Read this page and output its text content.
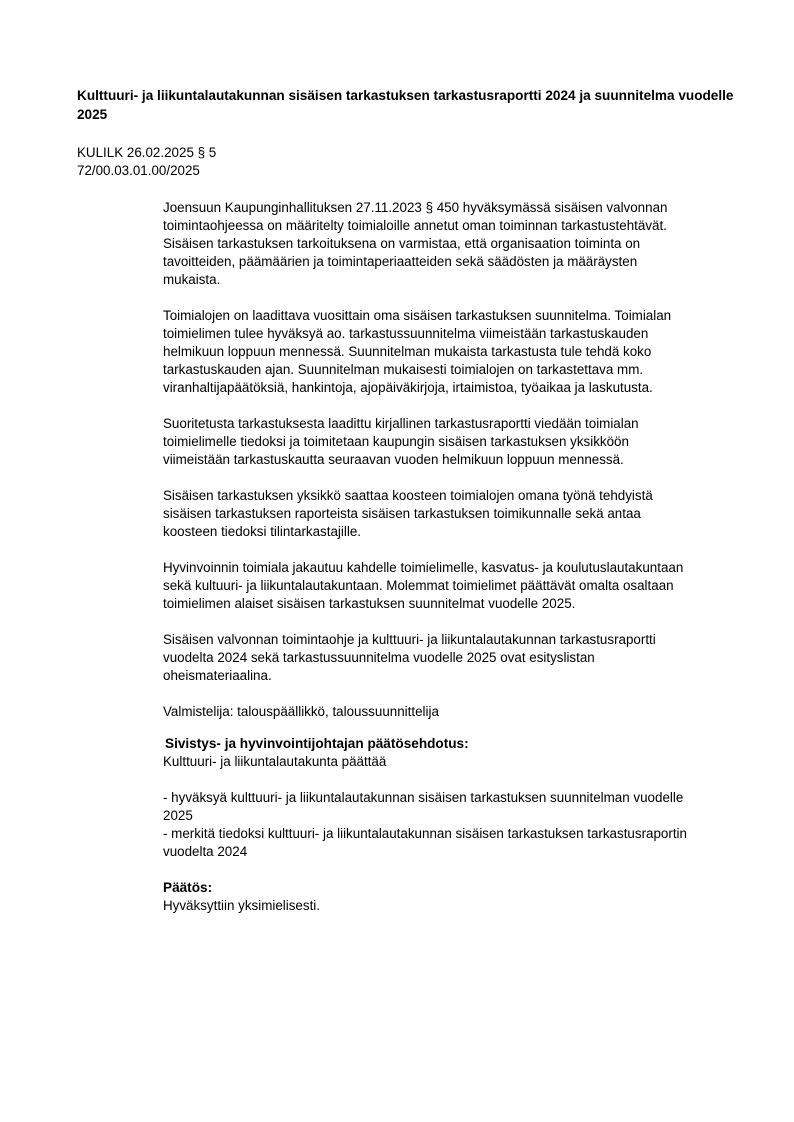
Kulttuuri- ja liikuntalautakunnan sisäisen tarkastuksen tarkastusraportti 2024 ja suunnitelma vuodelle 2025
KULILK 26.02.2025 § 5
72/00.03.01.00/2025

Joensuun Kaupunginhallituksen 27.11.2023 § 450 hyväksymässä sisäisen valvonnan
toimintaohjeessa on määritelty toimialoille annetut oman toiminnan tarkastustehtävät.
Sisäisen tarkastuksen tarkoituksena on varmistaa, että organisaation toiminta on
tavoitteiden, päämäärien ja toimintaperiaatteiden sekä säädösten ja määräysten
mukaista.

Toimialojen on laadittava vuosittain oma sisäisen tarkastuksen suunnitelma. Toimialan
toimielimen tulee hyväksyä ao. tarkastussuunnitelma viimeistään tarkastuskauden
helmikuun loppuun mennessä. Suunnitelman mukaista tarkastusta tule tehdä koko
tarkastuskauden ajan. Suunnitelman mukaisesti toimialojen on tarkastettava mm.
viranhaltijapäätöksiä, hankintoja, ajopäiväkirjoja, irtaimistoa, työaikaa ja laskutusta.

Suoritetusta tarkastuksesta laadittu kirjallinen tarkastusraportti viedään toimialan
toimielimelle tiedoksi ja toimitetaan kaupungin sisäisen tarkastuksen yksikköön
viimeistään tarkastuskautta seuraavan vuoden helmikuun loppuun mennessä.

Sisäisen tarkastuksen yksikkö saattaa koosteen toimialojen omana työnä tehdyistä
sisäisen tarkastuksen raporteista sisäisen tarkastuksen toimikunnalle sekä antaa
koosteen tiedoksi tilintarkastajille.

Hyvinvoinnin toimiala jakautuu kahdelle toimielimelle, kasvatus- ja koulutuslautakuntaan
sekä kultuuri- ja liikuntalautakuntaan. Molemmat toimielimet päättävät omalta osaltaan
toimielimen alaiset sisäisen tarkastuksen suunnitelmat vuodelle 2025.

Sisäisen valvonnan toimintaohje ja kulttuuri- ja liikuntalautakunnan tarkastusraportti
vuodelta 2024 sekä tarkastussuunnitelma vuodelle 2025 ovat esityslistan
oheismateriaalina.

Valmistelija: talouspäällikkö, taloussuunnittelija

Sivistys- ja hyvinvointijohtajan päätösehdotus:
Kulttuuri- ja liikuntalautakunta päättää
- hyväksyä kulttuuri- ja liikuntalautakunnan sisäisen tarkastuksen suunnitelman vuodelle
2025
- merkitä tiedoksi kulttuuri- ja liikuntalautakunnan sisäisen tarkastuksen tarkastusraportin
vuodelta 2024
Päätös:
Hyväksyttiin yksimielisesti.
